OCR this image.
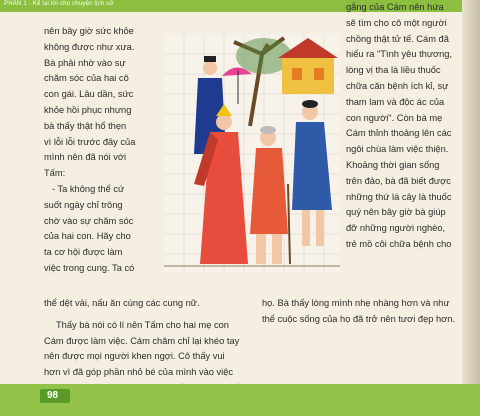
PHẦN 1 · Kể lại lời cho chuyện lịch sử

nên bây giờ sức khỏe

không được như xưa.

Bà phải nhờ vào sự

chăm sóc của hai cô

con gái. Lâu dần, sức

khỏe hồi phục nhưng

bà thấy thật hổ thẹn

vì lỗi lỗi trước đây của

mình nên đã nói với

Tấm:

- Ta không thể cứ

suốt ngày chỉ trông

chờ vào sự chăm sóc

của hai con. Hãy cho

ta cơ hội được làm

việc trong cung. Ta có

gắng của Cám nên hứa

sẽ tìm cho cô một người

chồng thật tử tế. Cám đã

hiểu ra "Tình yêu thương,

lòng vị tha là liều thuốc

chữa căn bệnh ích kỉ, sự

tham lam và độc ác của

con người". Còn bà mẹ

Cám thỉnh thoảng lên các

ngôi chùa làm việc thiện.

Khoảng thời gian sống

trên đảo, bà đã biết được

những thứ lá cây là thuốc

quý nên bây giờ bà giúp

đỡ những người nghèo,

trẻ mồ côi chữa bệnh cho

thể dệt vải, nấu ăn cùng các cung nữ.

Thấy bà nói có lí nên Tấm cho hai mẹ con

Cám được làm việc. Cám chăm chỉ lại khéo tay

nên được mọi người khen ngợi. Cô thấy vui

hơn vì đã góp phần nhỏ bé của mình vào việc

họ. Bà thấy lòng mình nhẹ nhàng hơn và như

thể cuộc sống của họ đã trở nên tươi đẹp hơn.

98
